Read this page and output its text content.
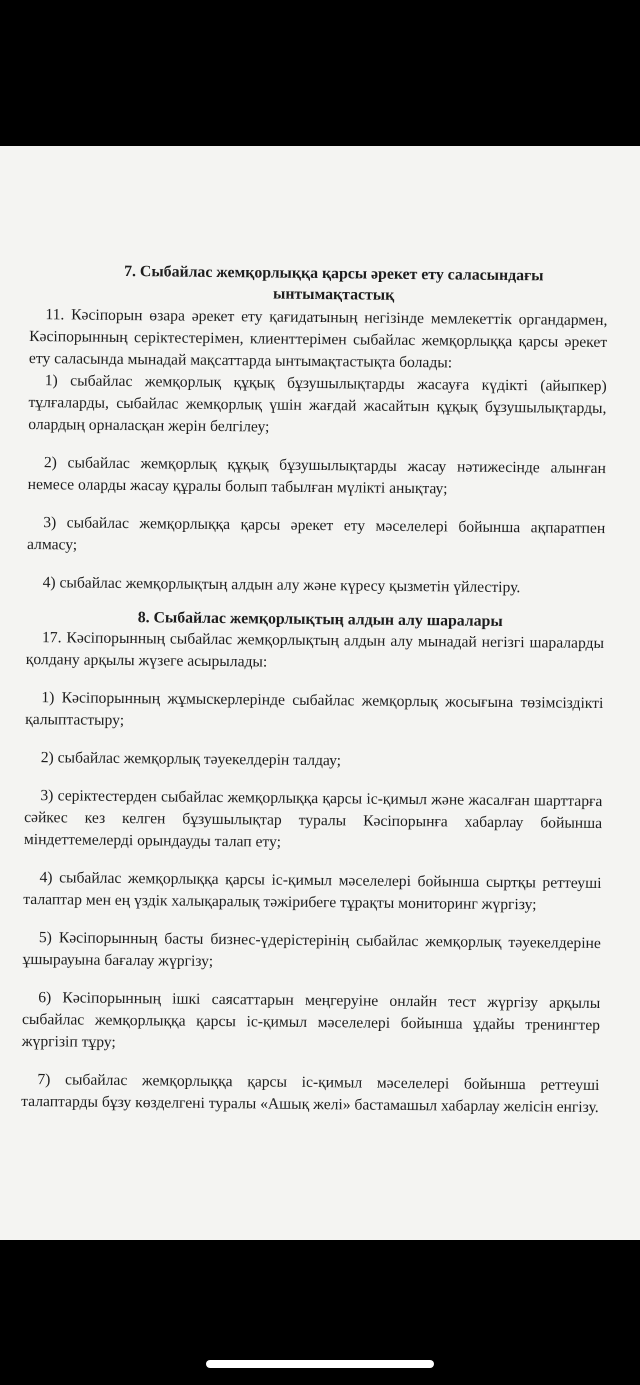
7. Сыбайлас жемқорлыққа қарсы әрекет ету саласындағы
ынтымақтастық

11. Кәсіпорын өзара әрекет ету қағидатының негізінде мемлекеттік органдармен, Кәсіпорынның серіктестерімен, клиенттерімен сыбайлас жемқорлыққа қарсы әрекет ету саласында мынадай мақсаттарда ынтымақтастықта болады:

1) сыбайлас жемқорлық құқық бұзушылықтарды жасауға күдікті (айыпкер) тұлғаларды, сыбайлас жемқорлық үшін жағдай жасайтын құқық бұзушылықтарды, олардың орналасқан жерін белгілеу;

2) сыбайлас жемқорлық құқық бұзушылықтарды жасау нәтижесінде алынған немесе оларды жасау құралы болып табылған мүлікті анықтау;

3) сыбайлас жемқорлыққа қарсы әрекет ету мәселелері бойынша ақпаратпен алмасу;

4) сыбайлас жемқорлықтың алдын алу және күресу қызметін үйлестіру.

8. Сыбайлас жемқорлықтың алдын алу шаралары

17. Кәсіпорынның сыбайлас жемқорлықтың алдын алу мынадай негізгі шараларды қолдану арқылы жүзеге асырылады:

1) Кәсіпорынның жұмыскерлерінде сыбайлас жемқорлық жосығына төзімсіздікті қалыптастыру;

2) сыбайлас жемқорлық тәуекелдерін талдау;

3) серіктестерден сыбайлас жемқорлыққа қарсы іс-қимыл және жасалған шарттарға сәйкес кез келген бұзушылықтар туралы Кәсіпорынға хабарлау бойынша міндеттемелерді орындауды талап ету;

4) сыбайлас жемқорлыққа қарсы іс-қимыл мәселелері бойынша сыртқы реттеуші талаптар мен ең үздік халықаралық тәжірибеге тұрақты мониторинг жүргізу;

5) Кәсіпорынның басты бизнес-үдерістерінің сыбайлас жемқорлық тәуекелдеріне ұшырауына бағалау жүргізу;

6) Кәсіпорынның ішкі саясаттарын меңгеруіне онлайн тест жүргізу арқылы сыбайлас жемқорлыққа қарсы іс-қимыл мәселелері бойынша ұдайы тренингтер жүргізіп тұру;

7) сыбайлас жемқорлыққа қарсы іс-қимыл мәселелері бойынша реттеуші талаптарды бұзу көзделгені туралы «Ашық желі» бастамашыл хабарлау желісін енгізу.
